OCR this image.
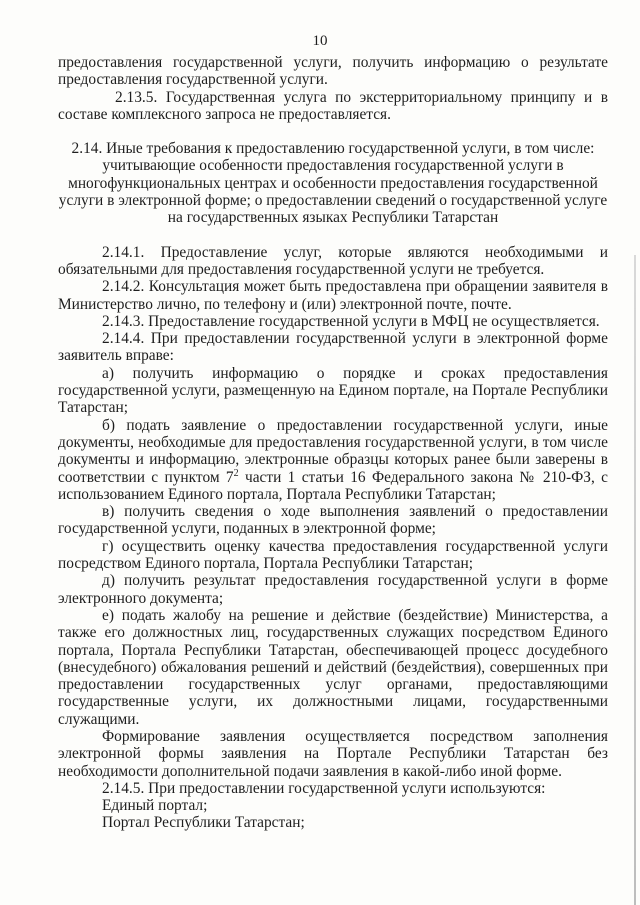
10

предоставления государственной услуги, получить информацию о результате предоставления государственной услуги.

2.13.5. Государственная услуга по экстерриториальному принципу и в составе комплексного запроса не предоставляется.

2.14. Иные требования к предоставлению государственной услуги, в том числе: учитывающие особенности предоставления государственной услуги в многофункциональных центрах и особенности предоставления государственной услуги в электронной форме; о предоставлении сведений о государственной услуге на государственных языках Республики Татарстан

2.14.1. Предоставление услуг, которые являются необходимыми и обязательными для предоставления государственной услуги не требуется.

2.14.2. Консультация может быть предоставлена при обращении заявителя в Министерство лично, по телефону и (или) электронной почте, почте.

2.14.3. Предоставление государственной услуги в МФЦ не осуществляется.

2.14.4. При предоставлении государственной услуги в электронной форме заявитель вправе:

а) получить информацию о порядке и сроках предоставления государственной услуги, размещенную на Едином портале, на Портале Республики Татарстан;

б) подать заявление о предоставлении государственной услуги, иные документы, необходимые для предоставления государственной услуги, в том числе документы и информацию, электронные образцы которых ранее были заверены в соответствии с пунктом $7^2$ части 1 статьи 16 Федерального закона № 210-ФЗ, с использованием Единого портала, Портала Республики Татарстан;

в) получить сведения о ходе выполнения заявлений о предоставлении государственной услуги, поданных в электронной форме;

г) осуществить оценку качества предоставления государственной услуги посредством Единого портала, Портала Республики Татарстан;

д) получить результат предоставления государственной услуги в форме электронного документа;

е) подать жалобу на решение и действие (бездействие) Министерства, а также его должностных лиц, государственных служащих посредством Единого портала, Портала Республики Татарстан, обеспечивающей процесс досудебного (внесудебного) обжалования решений и действий (бездействия), совершенных при предоставлении государственных услуг органами, предоставляющими государственные услуги, их должностными лицами, государственными служащими.

Формирование заявления осуществляется посредством заполнения электронной формы заявления на Портале Республики Татарстан без необходимости дополнительной подачи заявления в какой-либо иной форме.

2.14.5. При предоставлении государственной услуги используются:

Единый портал;

Портал Республики Татарстан;
